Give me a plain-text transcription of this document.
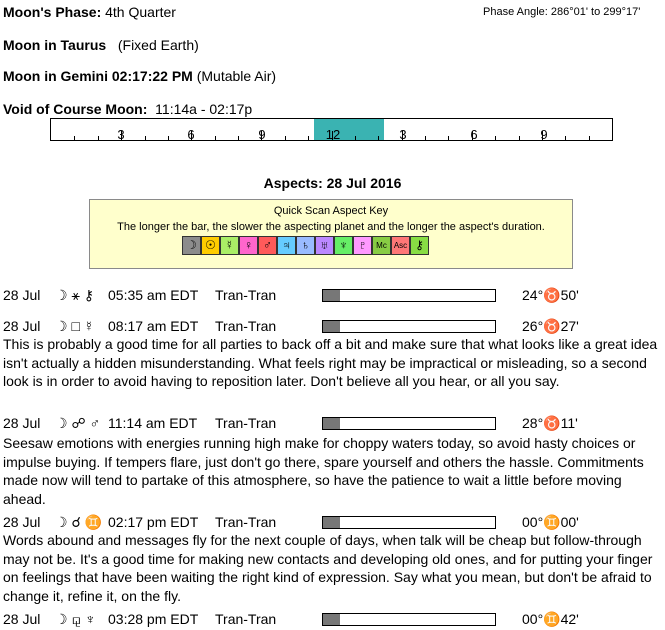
Moon's Phase: 4th Quarter	Phase Angle: 286°01' to 299°17'
Moon in Taurus (Fixed Earth)
Moon in Gemini 02:17:22 PM (Mutable Air)
Void of Course Moon: 11:14a - 02:17p
3	6	9	12	3	6	9
Aspects: 28 Jul 2016
Quick Scan Aspect Key
The longer the bar, the slower the aspecting planet and the longer the aspect's duration.
☽ ☉ ☿ ♀ ♂ ♃ ♄ ♅ ♆ ♇	Mc Asc ⚷
28 Jul ☽ ⚹ ⚷ 05:35 am EDT Tran-Tran	24°♉50'
28 Jul ☽ □ ☿ 08:17 am EDT Tran-Tran	26°♉27'
This is probably a good time for all parties to back off a bit and make sure that what looks like a great idea isn't actually a hidden misunderstanding. What feels right may be impractical or misleading, so a second look is in order to avoid having to reposition later. Don't believe all you hear, or all you say.
28 Jul ☽ ☍ ♂ 11:14 am EDT Tran-Tran	28°♉11'
Seesaw emotions with energies running high make for choppy waters today, so avoid hasty choices or impulse buying. If tempers flare, just don't go there, spare yourself and others the hassle. Commitments made now will tend to partake of this atmosphere, so have the patience to wait a little before moving ahead.
28 Jul ☽ ☌ ♊ 02:17 pm EDT Tran-Tran	00°♊00'
Words abound and messages fly for the next couple of days, when talk will be cheap but follow-through may not be. It's a good time for making new contacts and developing old ones, and for putting your finger on feelings that have been waiting the right kind of expression. Say what you mean, but don't be afraid to change it, refine it, on the fly.
28 Jul ☽ ⚼ ♆ 03:28 pm EDT Tran-Tran	00°♊42'
